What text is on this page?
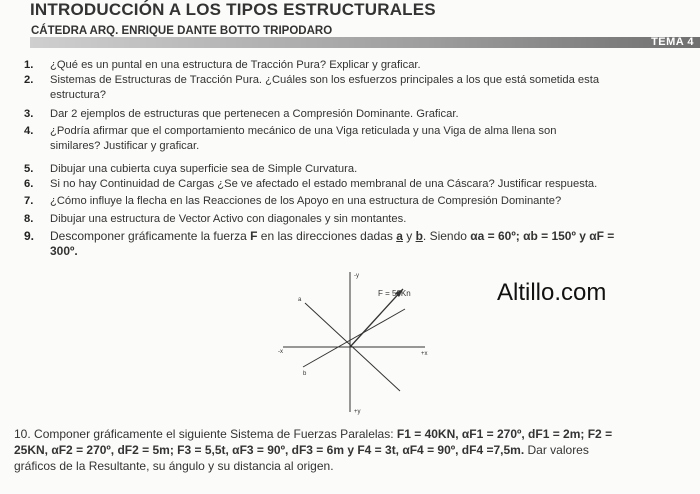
INTRODUCCIÓN A LOS TIPOS ESTRUCTURALES
CÁTEDRA ARQ. ENRIQUE DANTE BOTTO TRIPODARO
TEMA 4
1. ¿Qué es un puntal en una estructura de Tracción Pura? Explicar y graficar.
2. Sistemas de Estructuras de Tracción Pura. ¿Cuáles son los esfuerzos principales a los que está sometida esta
estructura?
3. Dar 2 ejemplos de estructuras que pertenecen a Compresión Dominante. Graficar.
4. ¿Podría afirmar que el comportamiento mecánico de una Viga reticulada y una Viga de alma llena son
similares? Justificar y graficar.
5. Dibujar una cubierta cuya superficie sea de Simple Curvatura.
6. Si no hay Continuidad de Cargas ¿Se ve afectado el estado membranal de una Cáscara? Justificar respuesta.
7. ¿Cómo influye la flecha en las Reacciones de los Apoyo en una estructura de Compresión Dominante?
8. Dibujar una estructura de Vector Activo con diagonales y sin montantes.
9. Descomponer gráficamente la fuerza F en las direcciones dadas a y b. Siendo αa = 60º; αb = 150º y αF =
300º.
F = 50Kn
a
b
-y
+y
-x	+x
Altillo.com
10. Componer gráficamente el siguiente Sistema de Fuerzas Paralelas: F1 = 40KN, αF1 = 270º, dF1 = 2m; F2 =
25KN, αF2 = 270º, dF2 = 5m; F3 = 5,5t, αF3 = 90º, dF3 = 6m y F4 = 3t, αF4 = 90º, dF4 =7,5m. Dar valores
gráficos de la Resultante, su ángulo y su distancia al origen.
